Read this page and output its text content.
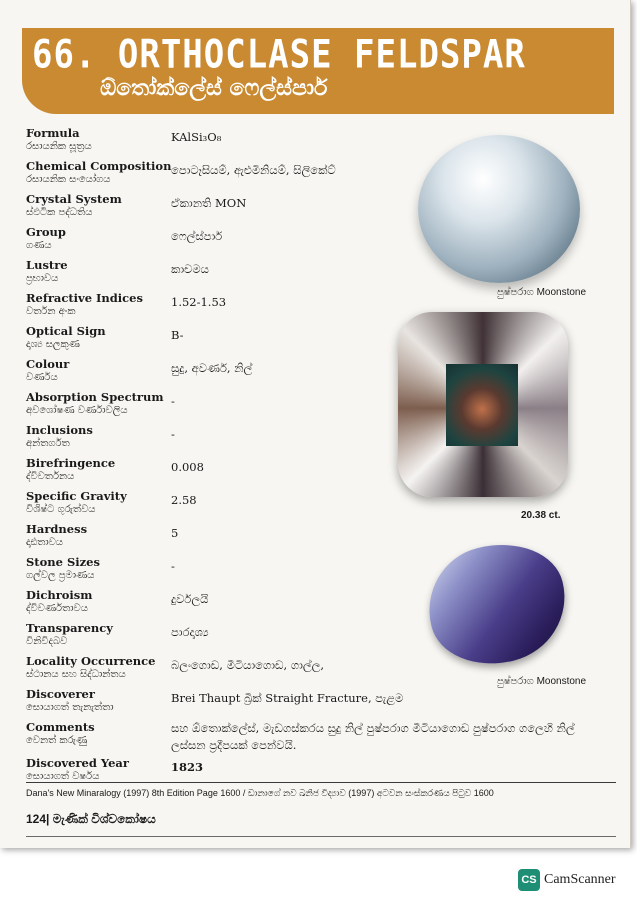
66. ORTHOCLASE FELDSPAR
ඕතෝක්ලේස් ෆෙල්ස්පාර්
Formula
රසායනික සූත්‍රය
KAlSi₃O₈
Chemical Composition
රසායනික සංයෝගය
පොටෑසියම්, ඇළුමිනියම්, සිලිකේට්
Crystal System
ස්ඵටික පද්ධතිය
ඒකානති MON
Group
ගණය
ෆෙල්ස්පාර්
Lustre
ප්‍රභාවය
කාචමය
Refractive Indices
වර්තන අංක
1.52-1.53
Optical Sign
දෘශ්‍ය සලකුණ
B-
Colour
වර්ණය
සුදු, අවර්ණ, නිල්
Absorption Spectrum
අවශෝෂණ වර්ණාවලිය
-
Inclusions
අන්තර්ගත
-
Birefringence
ද්විවර්තනය
0.008
Specific Gravity
විශිෂ්ට ගුරුත්වය
2.58
Hardness
දෘඪතාවය
5
Stone Sizes
ගල්වල ප්‍රමාණය
-
Dichroism
ද්විවර්ණතාවය
දුර්වලයි
Transparency
විනිවිදබව
පාරදෘශ්‍ය
Locality Occurrence
ස්ථානය සහ සිද්ධාන්තය
බලංගොඩ, මීටියාගොඩ, ගාල්ල,
Discoverer
සොයාගත් තැනැත්තා
Brei Thaupt බ්‍රීක් Straight Fracture, පැළම
Comments
වෙනත් කරුණු
සහ ඕතොක්ලේස්, මැඩගස්කරය සුදු නිල් පුෂ්පරාග මීටියාගොඩ පුෂ්පරාග ගලෙහි නිල් ලස්සන ප්‍රදීපයක් පෙන්වයි.
Discovered Year
සොයාගත් වර්ෂය
1823
පුෂ්පරාග Moonstone
20.38 ct.
පුෂ්පරාග Moonstone
Dana's New Minaralogy (1997) 8th Edition Page 1600 / ඩානාගේ නව ඛනිජ විද්‍යාව (1997) අටවන සංස්කරණය පිටුව 1600
124| මැණික් විශ්වකෝෂය
CS CamScanner
